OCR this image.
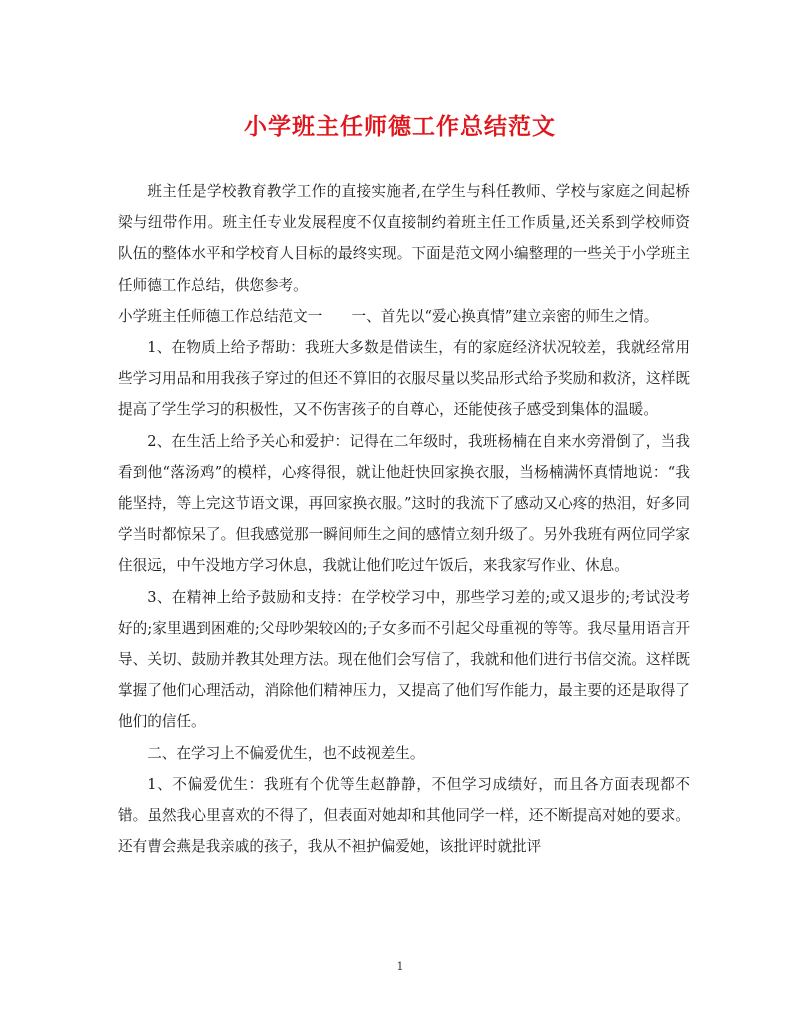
小学班主任师德工作总结范文

班主任是学校教育教学工作的直接实施者,在学生与科任教师、学校与家庭之间起桥梁与纽带作用。班主任专业发展程度不仅直接制约着班主任工作质量,还关系到学校师资队伍的整体水平和学校育人目标的最终实现。下面是范文网小编整理的一些关于小学班主任师德工作总结，供您参考。

小学班主任师德工作总结范文一　　一、首先以“爱心换真情”建立亲密的师生之情。

1、在物质上给予帮助：我班大多数是借读生，有的家庭经济状况较差，我就经常用些学习用品和用我孩子穿过的但还不算旧的衣服尽量以奖品形式给予奖励和救济，这样既提高了学生学习的积极性，又不伤害孩子的自尊心，还能使孩子感受到集体的温暖。

2、在生活上给予关心和爱护：记得在二年级时，我班杨楠在自来水旁滑倒了，当我看到他“落汤鸡”的模样，心疼得很，就让他赶快回家换衣服，当杨楠满怀真情地说：“我能坚持，等上完这节语文课，再回家换衣服。”这时的我流下了感动又心疼的热泪，好多同学当时都惊呆了。但我感觉那一瞬间师生之间的感情立刻升级了。另外我班有两位同学家住很远，中午没地方学习休息，我就让他们吃过午饭后，来我家写作业、休息。

3、在精神上给予鼓励和支持：在学校学习中，那些学习差的;或又退步的;考试没考好的;家里遇到困难的;父母吵架较凶的;子女多而不引起父母重视的等等。我尽量用语言开导、关切、鼓励并教其处理方法。现在他们会写信了，我就和他们进行书信交流。这样既掌握了他们心理活动，消除他们精神压力，又提高了他们写作能力，最主要的还是取得了他们的信任。

二、在学习上不偏爱优生，也不歧视差生。

1、不偏爱优生：我班有个优等生赵静静，不但学习成绩好，而且各方面表现都不错。虽然我心里喜欢的不得了，但表面对她却和其他同学一样，还不断提高对她的要求。还有曹会燕是我亲戚的孩子，我从不袒护偏爱她，该批评时就批评

1
